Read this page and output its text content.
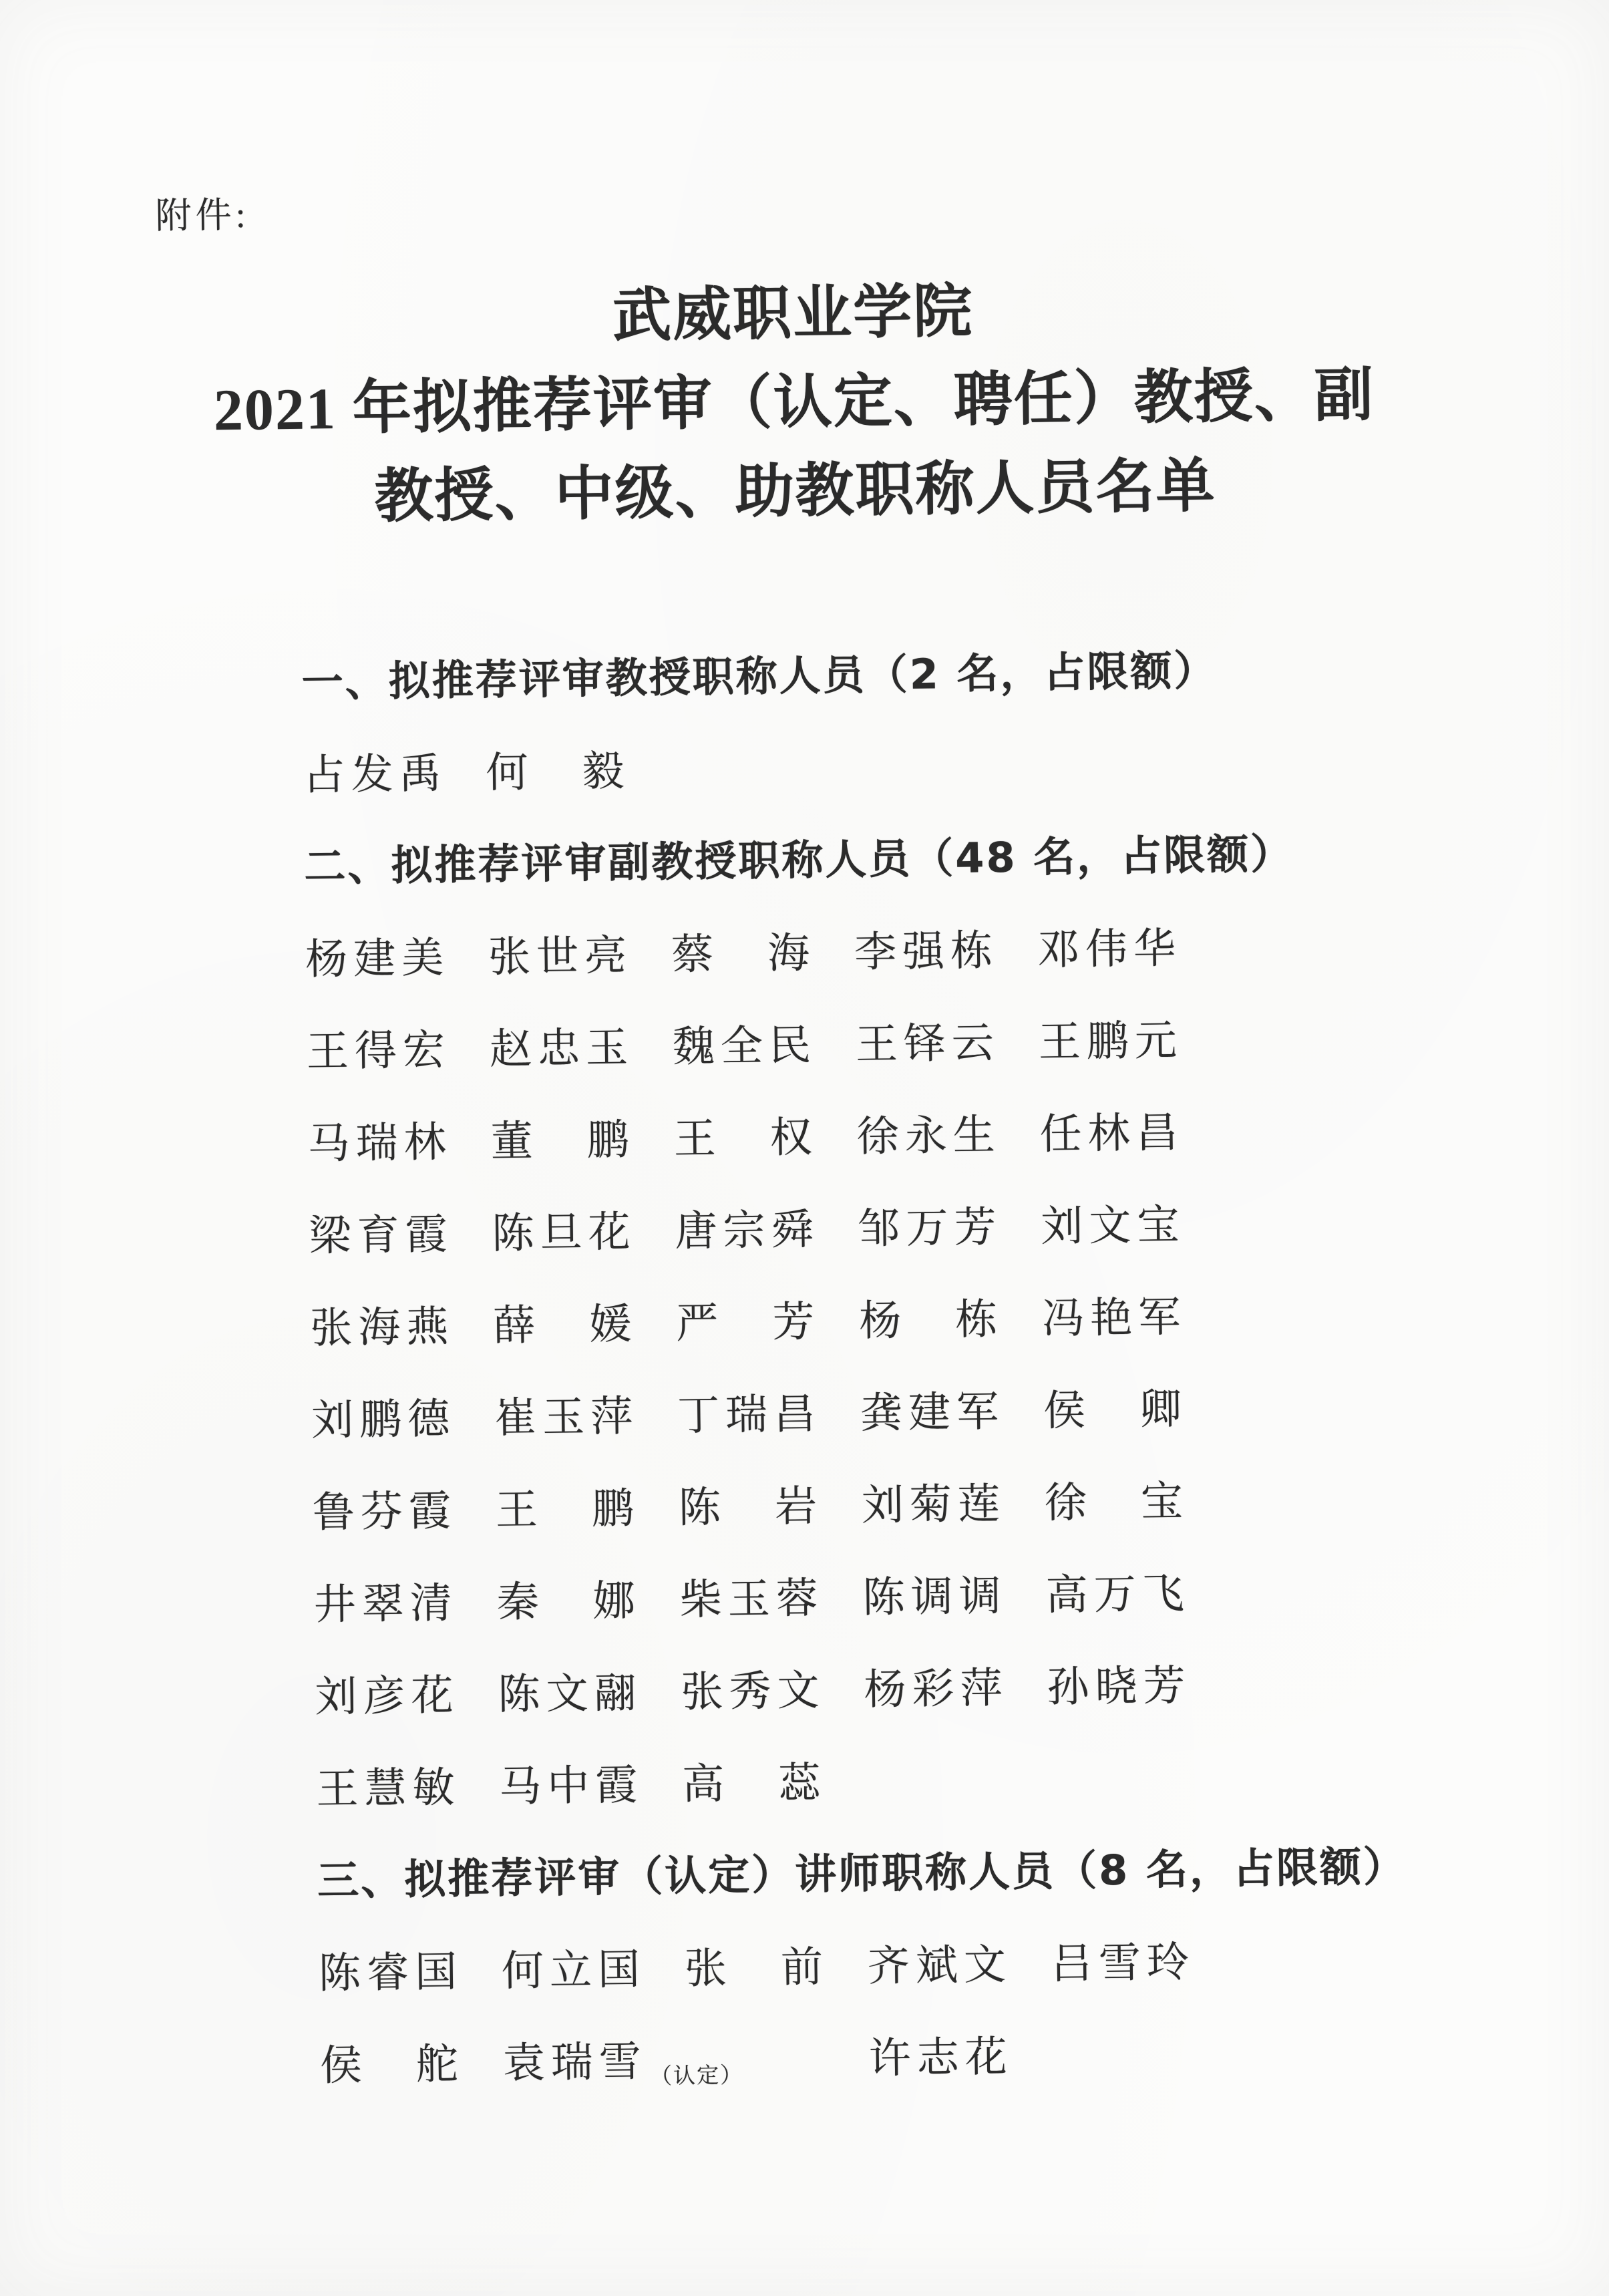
附件:
武威职业学院
2021 年拟推荐评审（认定、聘任）教授、副
教授、中级、助教职称人员名单
一、拟推荐评审教授职称人员（2 名，占限额）
占发禹 何　毅
二、拟推荐评审副教授职称人员（48 名，占限额）
杨建美 张世亮 蔡　海 李强栋 邓伟华
王得宏 赵忠玉 魏全民 王铎云 王鹏元
马瑞林 董　鹏 王　权 徐永生 任林昌
梁育霞 陈旦花 唐宗舜 邹万芳 刘文宝
张海燕 薛　媛 严　芳 杨　栋 冯艳军
刘鹏德 崔玉萍 丁瑞昌 龚建军 侯　卿
鲁芬霞 王　鹏 陈　岩 刘菊莲 徐　宝
井翠清 秦　娜 柴玉蓉 陈调调 高万飞
刘彦花 陈文翮 张秀文 杨彩萍 孙晓芳
王慧敏 马中霞 高　蕊
三、拟推荐评审（认定）讲师职称人员（8 名，占限额）
陈睿国 何立国 张　前 齐斌文 吕雪玲
侯　舵 袁瑞雪 （认定）	许志花
